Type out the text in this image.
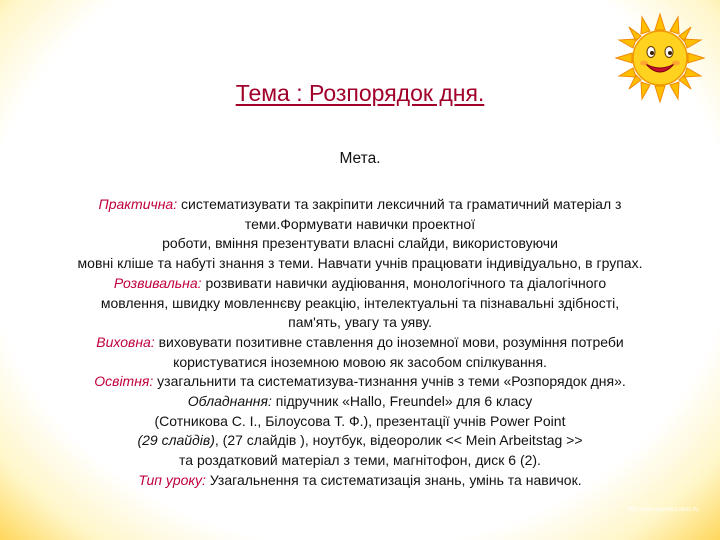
Тема : Розпорядок дня.
Мета.
Практична: систематизувати та закріпити лексичний та граматичний матеріал з
теми.Формувати навички проектної
роботи, вміння презентувати власні слайди, використовуючи
мовні кліше та набуті знання з теми. Навчати учнів працювати індивідуально, в групах.
Розвивальна: розвивати навички аудіювання, монологічного та діалогічного
мовлення, швидку мовленнєву реакцію, інтелектуальні та пізнавальні здібності,
пам'ять, увагу та уяву.
Виховна: виховувати позитивне ставлення до іноземної мови, розуміння потреби
користуватися іноземною мовою як засобом спілкування.
Освітня: узагальнити та систематизува-тизнання учнів з теми «Розпорядок дня».
Обладнання: підручник «Hallo, Freundel» для 6 класу
(Сотникова С. І., Білоусова Т. Ф.), презентації учнів Power Point
(29 слайдів), (27 слайдів ), ноутбук, відеоролик << Mein Arbeitstag >>
та роздатковий матеріал з теми, магнітофон, диск 6 (2).
Тип уроку: Узагальнення та систематизація знань, умінь та навичок.
http://edu-teachers.ucoz.ru
